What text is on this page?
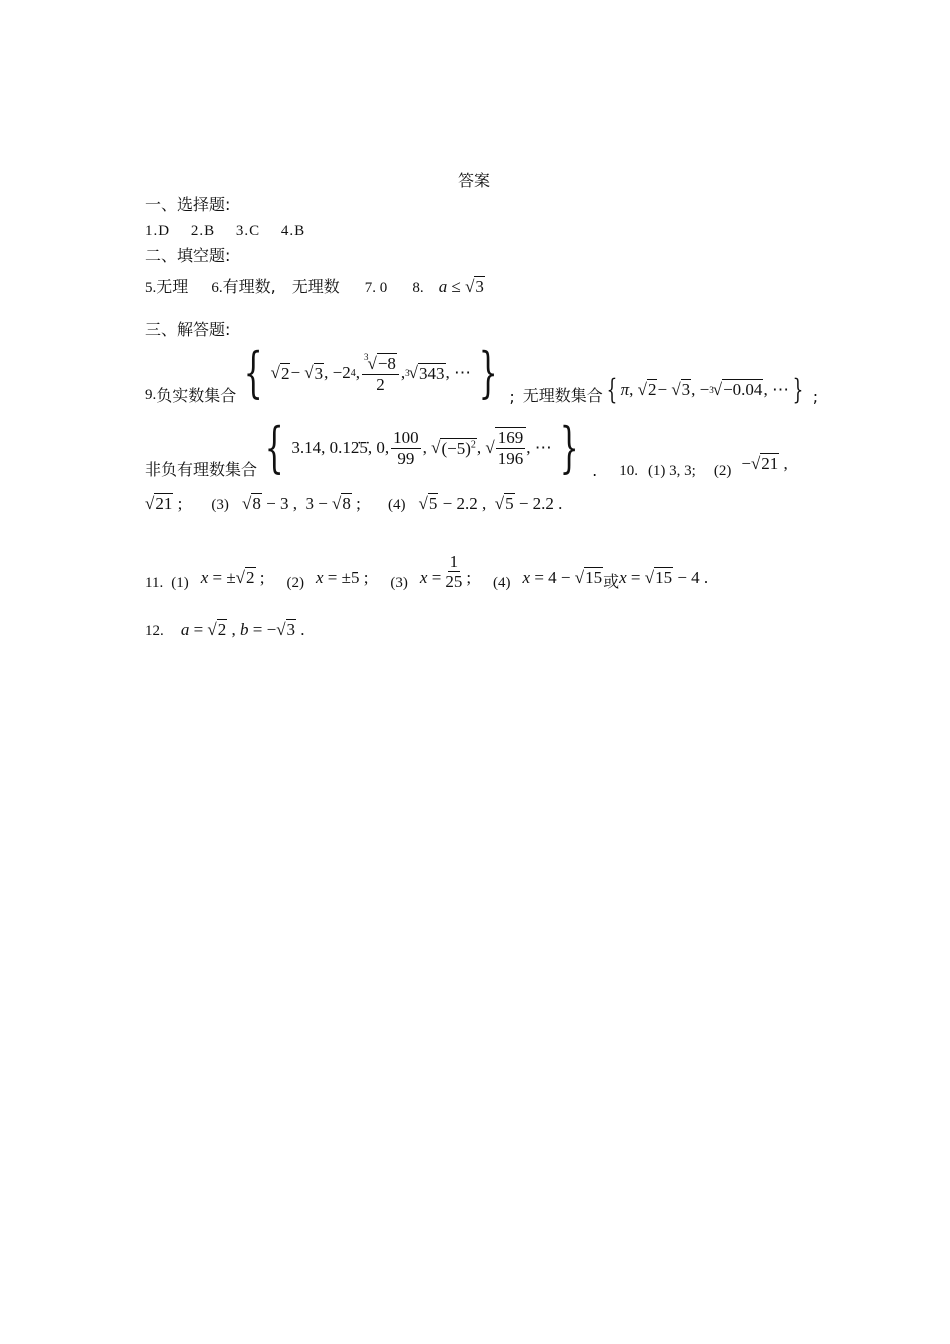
答案
一、选择题:
1.D　 2.B　 3.C　 4.B
二、填空题:
5.无理 6.有理数,　无理数 7. 0 8. a ≤ √3
三、解答题:
9. 负实数集合 { √ 2 − √ 3 , −2 4 , $\frac{^3√-8}{2}$ , 3 √ 343 , ⋯ } ; 无理数集合 { π , √ 2 − √ 3 , − 3 √ −0.04 , ⋯ } ;
非负有理数集合 { 3.14, 0.12̇5̇, 0, $\frac{100}{99}$ , √ $(-5)^2$ , √ $\frac{169}{196}$ , ⋯ } . 10. (1) 3, 3; (2) −√21 ,
√21 ; (3) √8 − 3 ,  3 − √8 ; (4) √5 − 2.2 ,  √5 − 2.2 .
11. (1) x = ±√2 ; (2) x = ±5 ; (3) x
= $\frac{1}{25}$ ; (4) x = 4 − √15 或 x = √15 − 4 .
12. a = √2 , b = −√3 .
